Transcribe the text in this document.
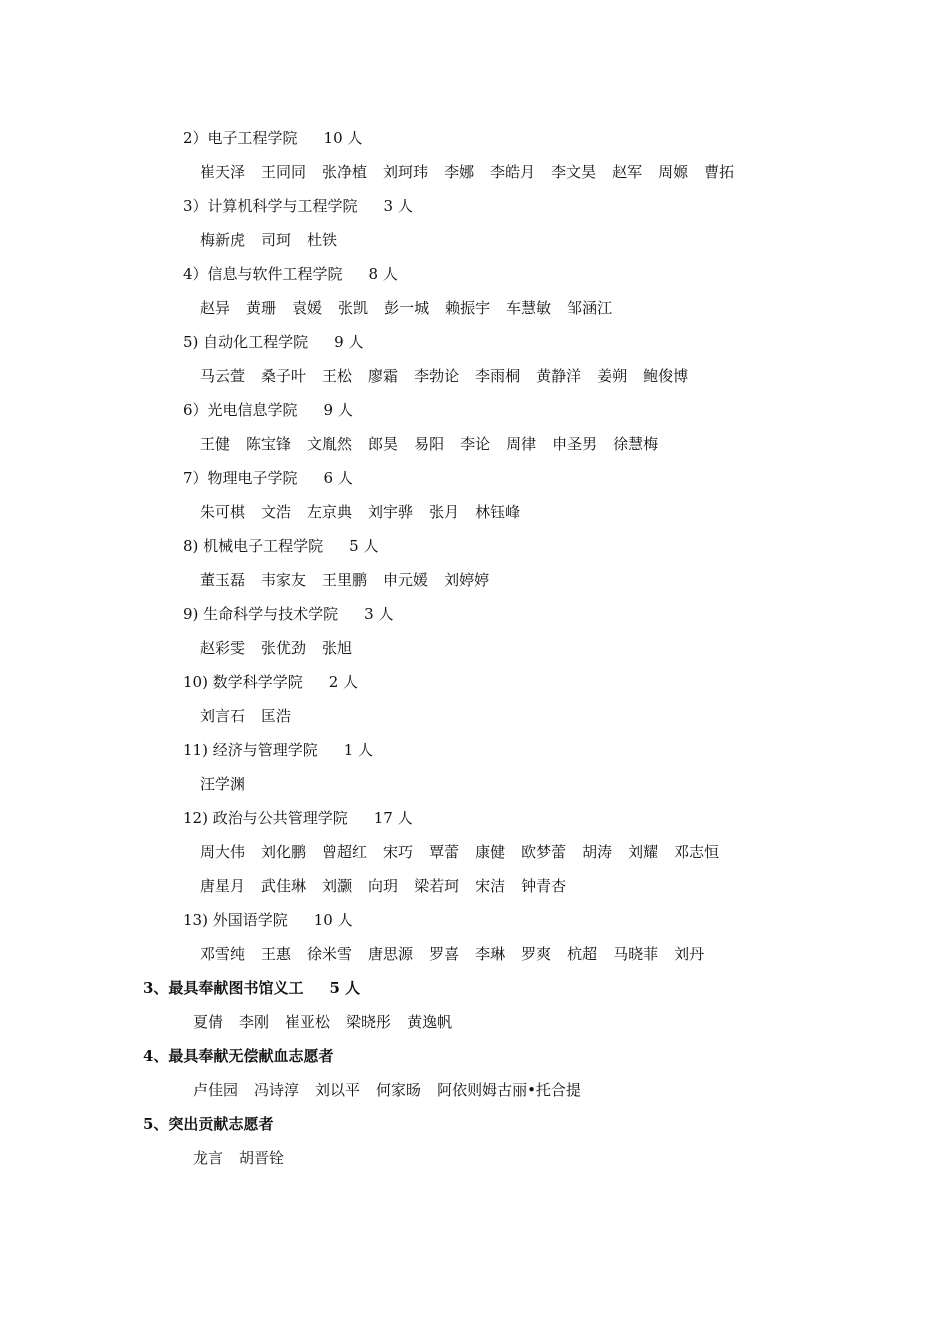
2）电子工程学院 10 人
崔天泽 王同同 张净植 刘珂玮 李娜 李皓月 李文昊 赵军 周嫄 曹拓
3）计算机科学与工程学院 3 人
梅新虎 司珂 杜铁
4）信息与软件工程学院 8 人
赵异 黄珊 袁媛 张凯 彭一城 赖振宇 车慧敏 邹涵江
5) 自动化工程学院 9 人
马云萱 桑子叶 王松 廖霜 李勃论 李雨桐 黄静洋 姜朔 鲍俊博
6）光电信息学院 9 人
王健 陈宝锋 文胤然 郎昊 易阳 李论 周律 申圣男 徐慧梅
7）物理电子学院 6 人
朱可棋 文浩 左京典 刘宇骅 张月 林钰峰
8) 机械电子工程学院 5 人
董玉磊 韦家友 王里鹏 申元媛 刘婷婷
9) 生命科学与技术学院 3 人
赵彩雯 张优劲 张旭
10) 数学科学学院 2 人
刘言石 匡浩
11) 经济与管理学院 1 人
汪学渊
12) 政治与公共管理学院 17 人
周大伟 刘化鹏 曾超红 宋巧 覃蕾 康健 欧梦蕾 胡涛 刘耀 邓志恒
唐星月 武佳琳 刘灏 向玥 梁若珂 宋洁 钟青杏
13) 外国语学院 10 人
邓雪纯 王惠 徐米雪 唐思源 罗喜 李琳 罗爽 杭超 马晓菲 刘丹
3、最具奉献图书馆义工 5 人
夏倩 李刚 崔亚松 梁晓彤 黄逸帆
4、最具奉献无偿献血志愿者
卢佳园 冯诗淳 刘以平 何家旸 阿依则姆古丽•托合提
5、突出贡献志愿者
龙言 胡晋铨
